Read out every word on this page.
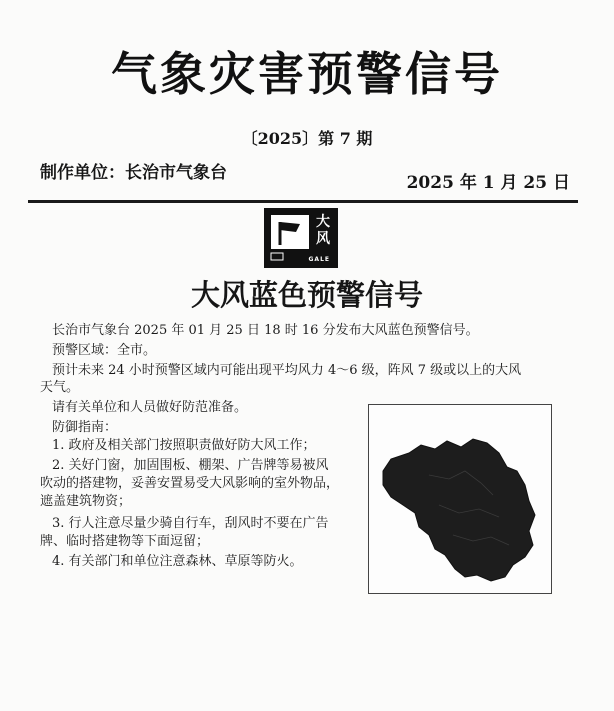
气象灾害预警信号
〔2025〕第 7 期
制作单位：长治市气象台	2025 年 1 月 25 日
大
风
GALE
大风蓝色预警信号
长治市气象台 2025 年 01 月 25 日 18 时 16 分发布大风蓝色预警信号。
预警区域：全市。
预计未来 24 小时预警区域内可能出现平均风力 4～6 级，阵风 7 级或以上的大风
天气。
请有关单位和人员做好防范准备。
防御指南：
1. 政府及相关部门按照职责做好防大风工作；
2. 关好门窗，加固围板、棚架、广告牌等易被风
吹动的搭建物，妥善安置易受大风影响的室外物品，
遮盖建筑物资；
3. 行人注意尽量少骑自行车，刮风时不要在广告
牌、临时搭建物等下面逗留；
4. 有关部门和单位注意森林、草原等防火。
